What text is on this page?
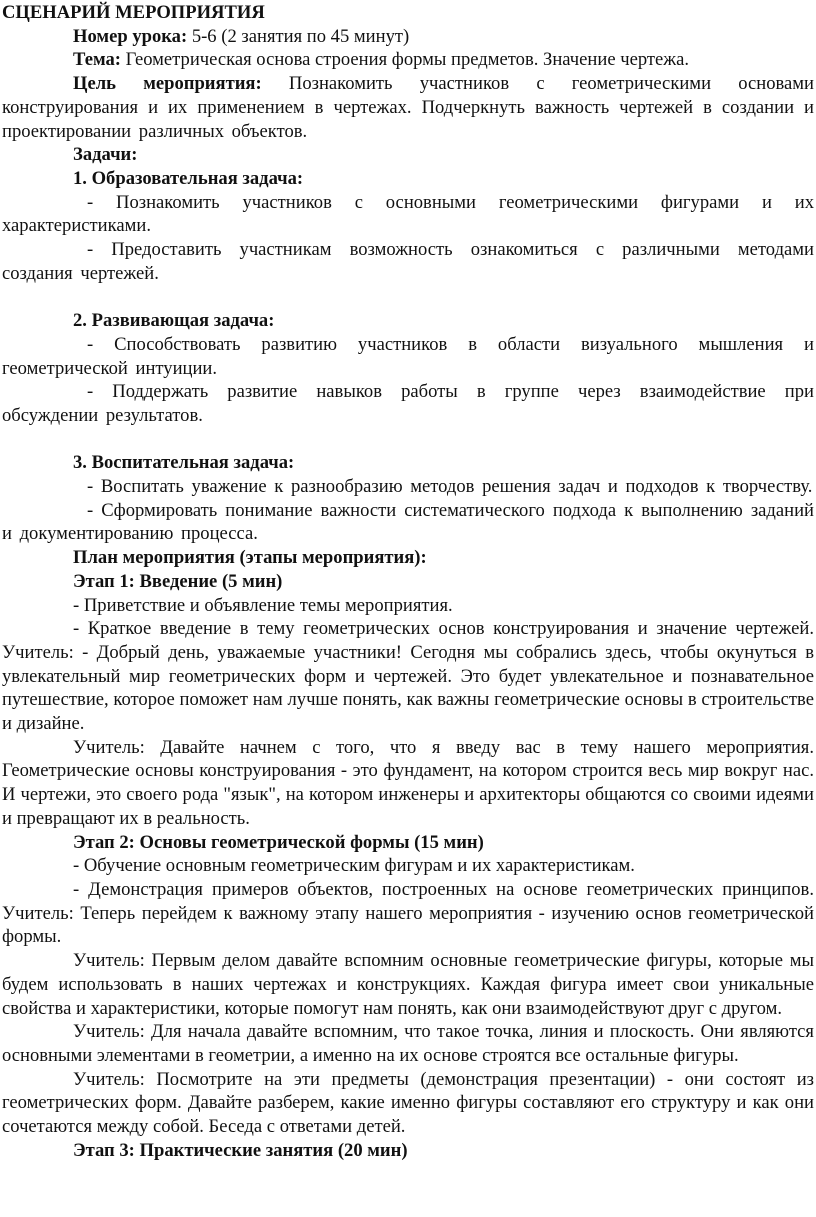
СЦЕНАРИЙ МЕРОПРИЯТИЯ

Номер урока: 5-6 (2 занятия по 45 минут)

Тема: Геометрическая основа строения формы предметов. Значение чертежа.

Цель мероприятия: Познакомить участников с геометрическими основами конструирования и их применением в чертежах. Подчеркнуть важность чертежей в создании и проектировании различных объектов.

Задачи:

1. Образовательная задача:

- Познакомить участников с основными геометрическими фигурами и их характеристиками.

- Предоставить участникам возможность ознакомиться с различными методами создания чертежей.

2. Развивающая задача:

- Способствовать развитию участников в области визуального мышления и геометрической интуиции.

- Поддержать развитие навыков работы в группе через взаимодействие при обсуждении результатов.

3. Воспитательная задача:

- Воспитать уважение к разнообразию методов решения задач и подходов к творчеству.

- Сформировать понимание важности систематического подхода к выполнению заданий и документированию процесса.

План мероприятия (этапы мероприятия):

Этап 1: Введение (5 мин)

- Приветствие и объявление темы мероприятия.

- Краткое введение в тему геометрических основ конструирования и значение чертежей. Учитель: - Добрый день, уважаемые участники! Сегодня мы собрались здесь, чтобы окунуться в увлекательный мир геометрических форм и чертежей. Это будет увлекательное и познавательное путешествие, которое поможет нам лучше понять, как важны геометрические основы в строительстве и дизайне.

Учитель: Давайте начнем с того, что я введу вас в тему нашего мероприятия. Геометрические основы конструирования - это фундамент, на котором строится весь мир вокруг нас. И чертежи, это своего рода "язык", на котором инженеры и архитекторы общаются со своими идеями и превращают их в реальность.

Этап 2: Основы геометрической формы (15 мин)

- Обучение основным геометрическим фигурам и их характеристикам.

- Демонстрация примеров объектов, построенных на основе геометрических принципов. Учитель: Теперь перейдем к важному этапу нашего мероприятия - изучению основ геометрической формы.

Учитель: Первым делом давайте вспомним основные геометрические фигуры, которые мы будем использовать в наших чертежах и конструкциях. Каждая фигура имеет свои уникальные свойства и характеристики, которые помогут нам понять, как они взаимодействуют друг с другом.

Учитель: Для начала давайте вспомним, что такое точка, линия и плоскость. Они являются основными элементами в геометрии, а именно на их основе строятся все остальные фигуры.

Учитель: Посмотрите на эти предметы (демонстрация презентации) - они состоят из геометрических форм. Давайте разберем, какие именно фигуры составляют его структуру и как они сочетаются между собой. Беседа с ответами детей.

Этап 3: Практические занятия (20 мин)
